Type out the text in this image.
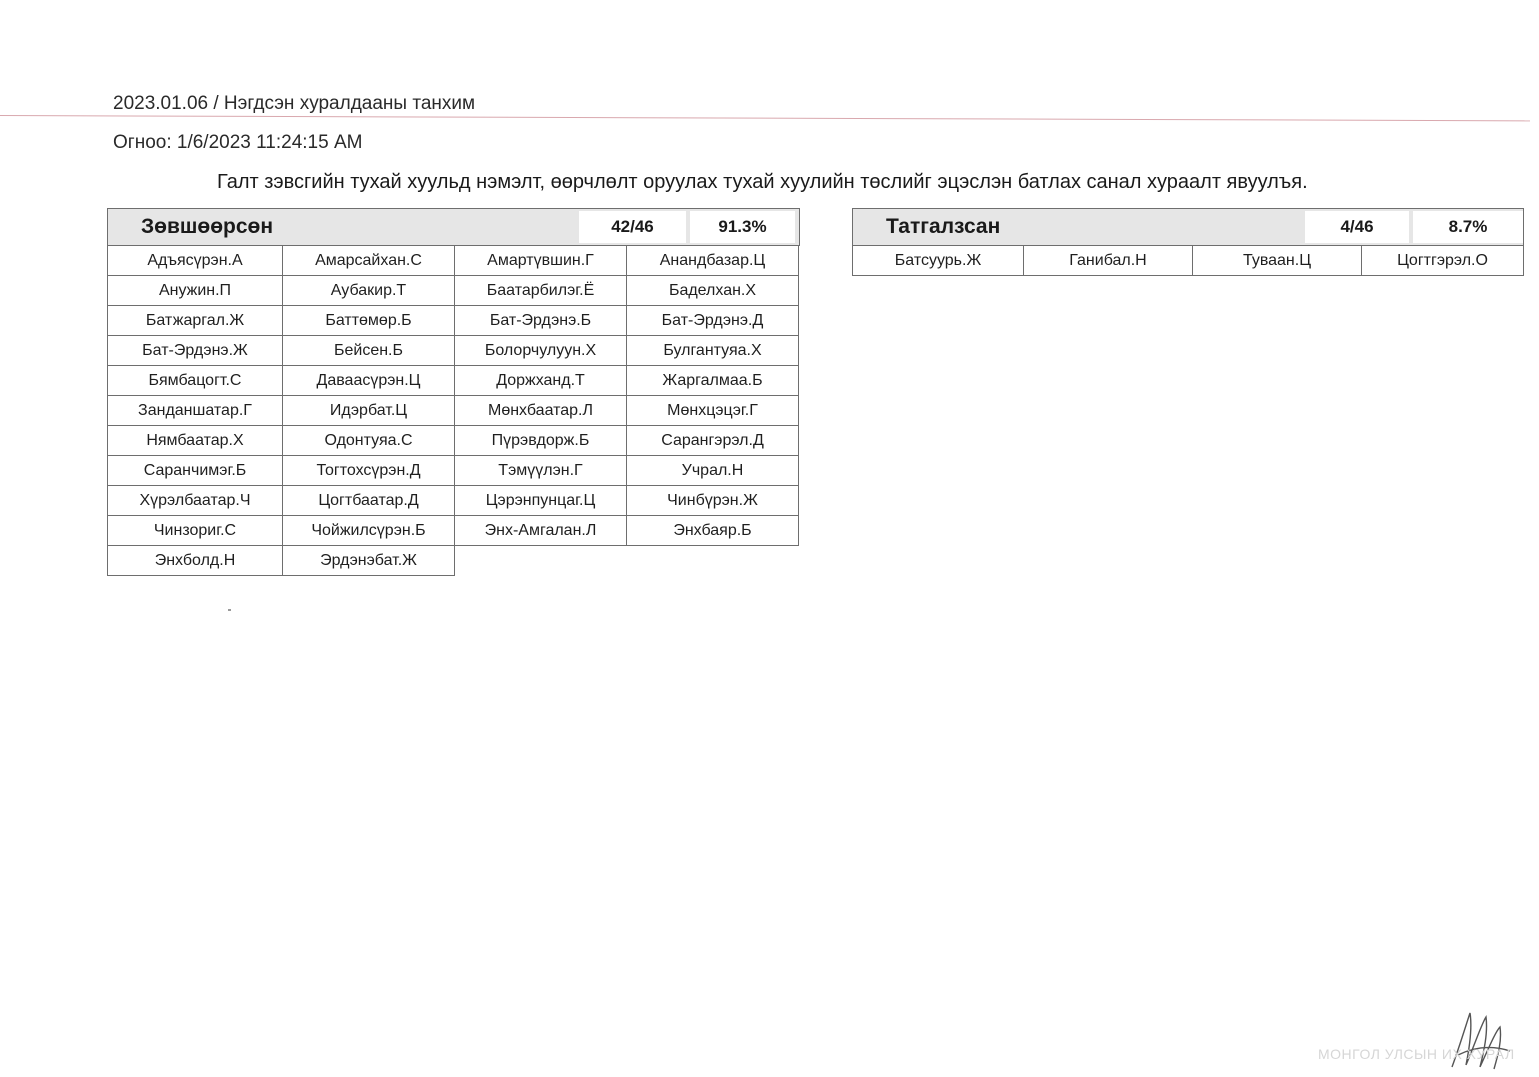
2023.01.06 / Нэгдсэн хуралдааны танхим
Огноо: 1/6/2023 11:24:15 AM
Галт зэвсгийн тухай хуульд нэмэлт, өөрчлөлт оруулах тухай хуулийн төслийг эцэслэн батлах санал хураалт явуулъя.
Зөвшөөрсөн	42/46	91.3%
Адъясүрэн.А	Амарсайхан.С	Амартүвшин.Г	Анандбазар.Ц
Анужин.П	Аубакир.Т	Баатарбилэг.Ё	Баделхан.Х
Батжаргал.Ж	Баттөмөр.Б	Бат-Эрдэнэ.Б	Бат-Эрдэнэ.Д
Бат-Эрдэнэ.Ж	Бейсен.Б	Болорчулуун.Х	Булгантуяа.Х
Бямбацогт.С	Даваасүрэн.Ц	Доржханд.Т	Жаргалмаа.Б
Занданшатар.Г	Идэрбат.Ц	Мөнхбаатар.Л	Мөнхцэцэг.Г
Нямбаатар.Х	Одонтуяа.С	Пүрэвдорж.Б	Сарангэрэл.Д
Саранчимэг.Б	Тогтохсүрэн.Д	Тэмүүлэн.Г	Учрал.Н
Хүрэлбаатар.Ч	Цогтбаатар.Д	Цэрэнпунцаг.Ц	Чинбүрэн.Ж
Чинзориг.С	Чойжилсүрэн.Б	Энх-Амгалан.Л	Энхбаяр.Б
Энхболд.Н	Эрдэнэбат.Ж
Татгалзсан	4/46	8.7%
Батсуурь.Ж	Ганибал.Н	Туваан.Ц	Цогтгэрэл.О
МОНГОЛ УЛСЫН ИХ ХУРАЛ
